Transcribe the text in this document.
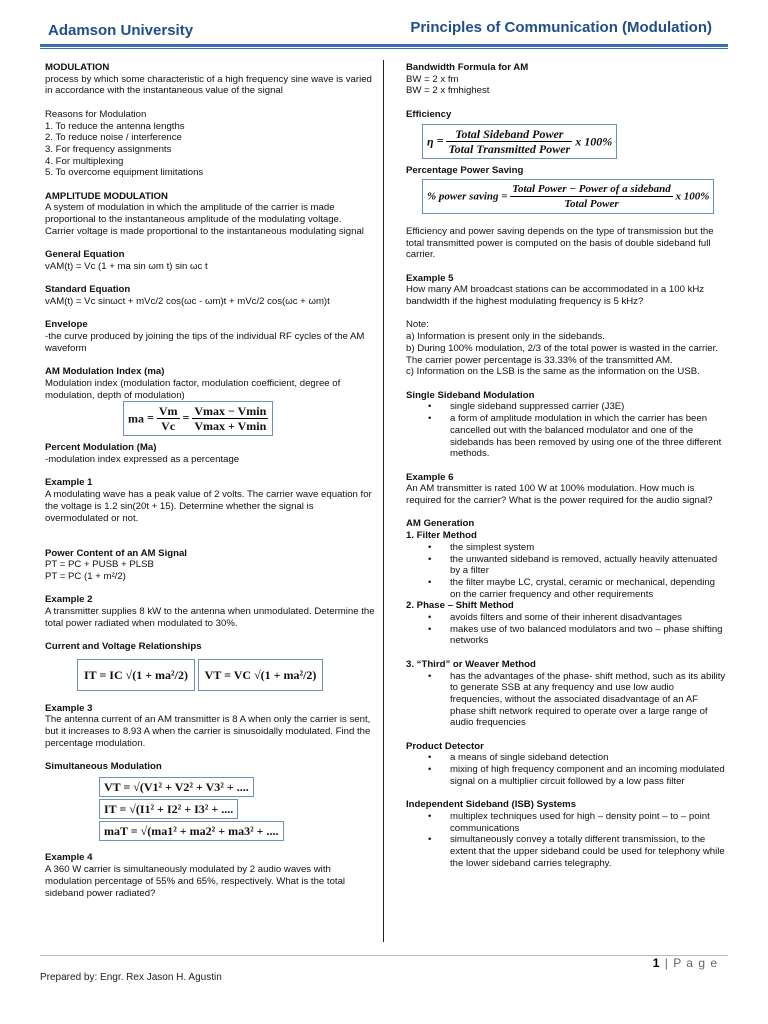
Adamson University	Principles of Communication (Modulation)
MODULATION
process by which some characteristic of a high frequency sine wave is varied in accordance with the instantaneous value of the signal
Reasons for Modulation
1. To reduce the antenna lengths
2. To reduce noise / interference
3. For frequency assignments
4. For multiplexing
5. To overcome equipment limitations
AMPLITUDE MODULATION
A system of modulation in which the amplitude of the carrier is made proportional to the instantaneous amplitude of the modulating voltage.
Carrier voltage is made proportional to the instantaneous modulating signal
General Equation
vAM(t) = Vc (1 + ma sin ωm t) sin ωc t
Standard Equation
vAM(t) = Vc sinωct + mVc/2 cos(ωc - ωm)t + mVc/2 cos(ωc + ωm)t
Envelope
-the curve produced by joining the tips of the individual RF cycles of the AM waveform
AM Modulation Index (ma)
Modulation index (modulation factor, modulation coefficient, degree of modulation, depth of modulation)
ma = $\frac{Vm}{Vc} = \frac{Vmax - Vmin}{Vmax + Vmin}$
Percent Modulation (Ma)
-modulation index expressed as a percentage
Example 1
A modulating wave has a peak value of 2 volts. The carrier wave equation for the voltage is 1.2 sin(20t + 15). Determine whether the signal is overmodulated or not.
Power Content of an AM Signal
PT = PC + PUSB + PLSB
PT = PC (1 + m²/2)
Example 2
A transmitter supplies 8 kW to the antenna when unmodulated. Determine the total power radiated when modulated to 30%.
Current and Voltage Relationships
IT = IC √(1 + ma²/2) VT = VC √(1 + ma²/2)
Example 3
The antenna current of an AM transmitter is 8 A when only the carrier is sent, but it increases to 8.93 A when the carrier is sinusoidally modulated. Find the percentage modulation.
Simultaneous Modulation
VT = √(V1² + V2² + V3² + .... IT = √(I1² + I2² + I3² + .... maT = √(ma1² + ma2² + ma3² + ....
Example 4
A 360 W carrier is simultaneously modulated by 2 audio waves with modulation percentage of 55% and 65%, respectively. What is the total sideband power radiated?
Bandwidth Formula for AM
BW = 2 x fm
BW = 2 x fmhighest
Efficiency
$\eta = \frac{\text{Total Sideband Power}}{\text{Total Transmitted Power}}$ x 100%
Percentage Power Saving
% power saving = $\frac{\text{Total Power − Power of a sideband}}{\text{Total Power}}$ x 100%
Efficiency and power saving depends on the type of transmission but the total transmitted power is computed on the basis of double sideband full carrier.
Example 5
How many AM broadcast stations can be accommodated in a 100 kHz bandwidth if the highest modulating frequency is 5 kHz?
Note:
a) Information is present only in the sidebands.
b) During 100% modulation, 2/3 of the total power is wasted in the carrier. The carrier power percentage is 33.33% of the transmitted AM.
c) Information on the LSB is the same as the information on the USB.
Single Sideband Modulation
• single sideband suppressed carrier (J3E)
• a form of amplitude modulation in which the carrier has been cancelled out with the balanced modulator and one of the sidebands has been removed by using one of the three different methods.
Example 6
An AM transmitter is rated 100 W at 100% modulation. How much is required for the carrier? What is the power required for the audio signal?
AM Generation
1. Filter Method
• the simplest system
• the unwanted sideband is removed, actually heavily attenuated by a filter
• the filter maybe LC, crystal, ceramic or mechanical, depending on the carrier frequency and other requirements
2. Phase – Shift Method
• avoids filters and some of their inherent disadvantages
• makes use of two balanced modulators and two – phase shifting networks
3. “Third” or Weaver Method
• has the advantages of the phase- shift method, such as its ability to generate SSB at any frequency and use low audio frequencies, without the associated disadvantage of an AF phase shift network required to operate over a large range of audio frequencies
Product Detector
• a means of single sideband detection
• mixing of high frequency component and an incoming modulated signal on a multiplier circuit followed by a low pass filter
Independent Sideband (ISB) Systems
• multiplex techniques used for high – density point – to – point communications
• simultaneously convey a totally different transmission, to the extent that the upper sideband could be used for telephony while the lower sideband carries telegraphy.
1 | P a g e
Prepared by: Engr. Rex Jason H. Agustin
